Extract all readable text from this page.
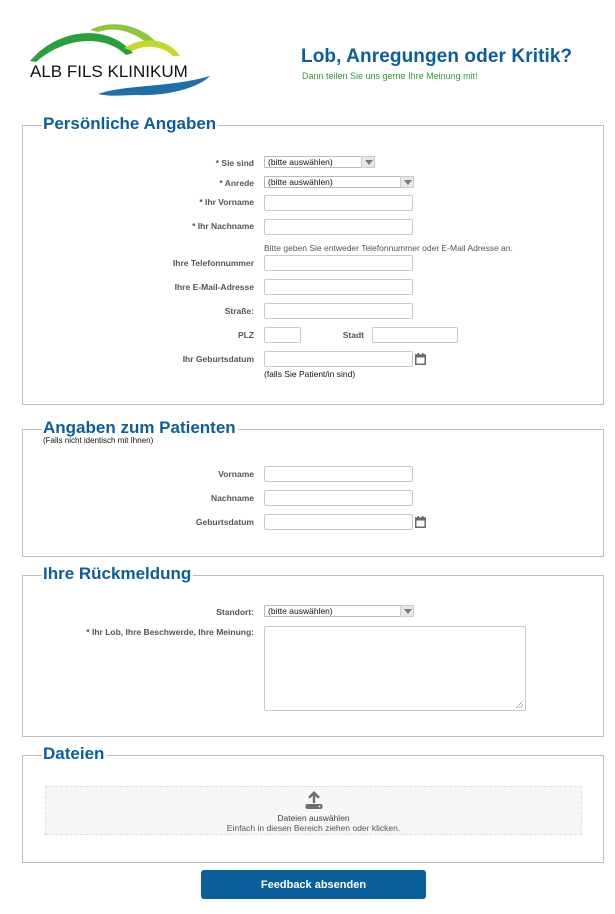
ALB FILS KLINIKUM
Lob, Anregungen oder Kritik?
Dann teilen Sie uns gerne Ihre Meinung mit!
Persönliche Angaben
* Sie sind	(bitte auswählen)
* Anrede	(bitte auswählen)
* Ihr Vorname
* Ihr Nachname
Bitte geben Sie entweder Telefonnummer oder E-Mail Adresse an.
Ihre Telefonnummer
Ihre E-Mail-Adresse
Straße:
PLZ	Stadt
Ihr Geburtsdatum
(falls Sie Patient/in sind)
Angaben zum Patienten
(Falls nicht identisch mit Ihnen)
Vorname
Nachname
Geburtsdatum
Ihre Rückmeldung
Standort:	(bitte auswählen)
* Ihr Lob, Ihre Beschwerde, Ihre Meinung:
Dateien
Dateien auswählen
Einfach in diesen Bereich ziehen oder klicken.
Feedback absenden
